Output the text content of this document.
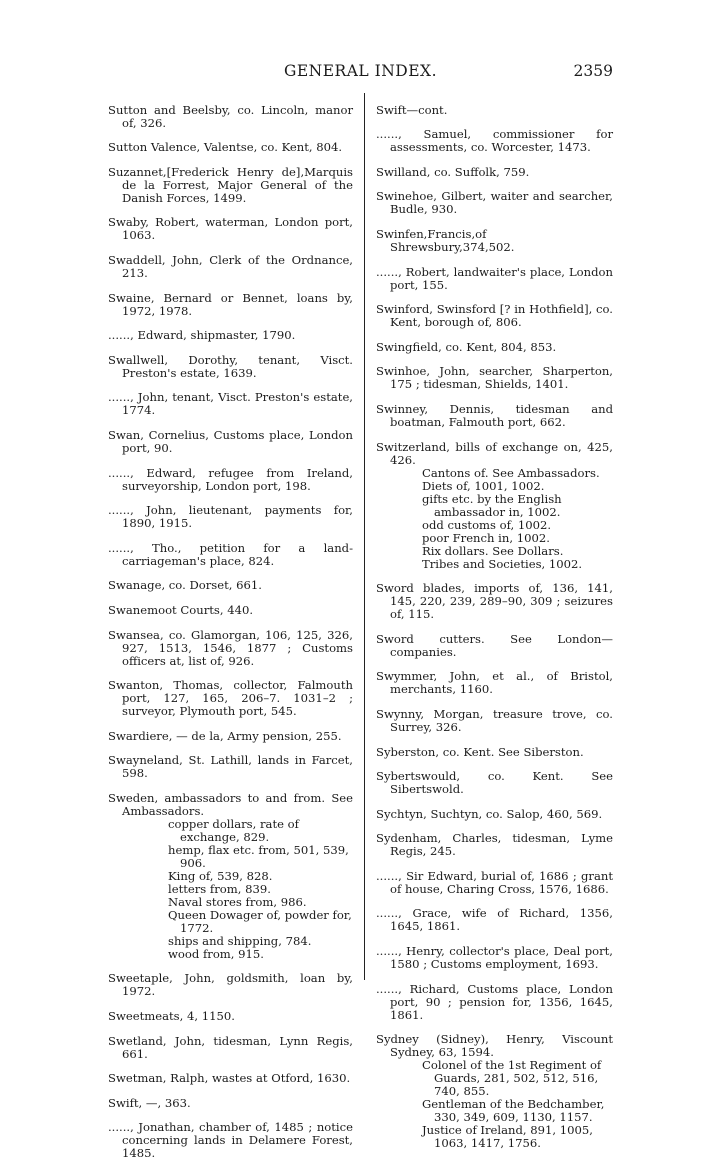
GENERAL INDEX.	2359

Sutton and Beelsby, co. Lincoln, manor of, 326.

Sutton Valence, Valentse, co. Kent, 804.

Suzannet,[Frederick Henry de],Marquis de la Forrest, Major General of the Danish Forces, 1499.

Swaby, Robert, waterman, London port, 1063.

Swaddell, John, Clerk of the Ordnance, 213.

Swaine, Bernard or Bennet, loans by, 1972, 1978.

......, Edward, shipmaster, 1790.

Swallwell, Dorothy, tenant, Visct. Preston's estate, 1639.

......, John, tenant, Visct. Preston's estate, 1774.

Swan, Cornelius, Customs place, London port, 90.

......, Edward, refugee from Ireland, surveyorship, London port, 198.

......, John, lieutenant, payments for, 1890, 1915.

......, Tho., petition for a land-carriageman's place, 824.

Swanage, co. Dorset, 661.

Swanemoot Courts, 440.

Swansea, co. Glamorgan, 106, 125, 326, 927, 1513, 1546, 1877 ; Customs officers at, list of, 926.

Swanton, Thomas, collector, Falmouth port, 127, 165, 206–7. 1031–2 ; surveyor, Plymouth port, 545.

Swardiere, — de la, Army pension, 255.

Swayneland, St. Lathill, lands in Farcet, 598.

Sweden, ambassadors to and from. See Ambassadors.

copper dollars, rate of exchange, 829.

hemp, flax etc. from, 501, 539, 906.

King of, 539, 828.

letters from, 839.

Naval stores from, 986.

Queen Dowager of, powder for, 1772.

ships and shipping, 784.

wood from, 915.

Sweetaple, John, goldsmith, loan by, 1972.

Sweetmeats, 4, 1150.

Swetland, John, tidesman, Lynn Regis, 661.

Swetman, Ralph, wastes at Otford, 1630.

Swift, —, 363.

......, Jonathan, chamber of, 1485 ; notice concerning lands in Delamere Forest, 1485.

Swift—cont.

......, Samuel, commissioner for assessments, co. Worcester, 1473.

Swilland, co. Suffolk, 759.

Swinehoe, Gilbert, waiter and searcher, Budle, 930.

Swinfen,Francis,of Shrewsbury,374,502.

......, Robert, landwaiter's place, London port, 155.

Swinford, Swinsford [? in Hothfield], co. Kent, borough of, 806.

Swingfield, co. Kent, 804, 853.

Swinhoe, John, searcher, Sharperton, 175 ; tidesman, Shields, 1401.

Swinney, Dennis, tidesman and boatman, Falmouth port, 662.

Switzerland, bills of exchange on, 425, 426.

Cantons of. See Ambassadors.

Diets of, 1001, 1002.

gifts etc. by the English ambassador in, 1002.

odd customs of, 1002.

poor French in, 1002.

Rix dollars. See Dollars.

Tribes and Societies, 1002.

Sword blades, imports of, 136, 141, 145, 220, 239, 289–90, 309 ; seizures of, 115.

Sword cutters. See London—companies.

Swymmer, John, et al., of Bristol, merchants, 1160.

Swynny, Morgan, treasure trove, co. Surrey, 326.

Syberston, co. Kent. See Siberston.

Sybertswould, co. Kent. See Sibertswold.

Sychtyn, Suchtyn, co. Salop, 460, 569.

Sydenham, Charles, tidesman, Lyme Regis, 245.

......, Sir Edward, burial of, 1686 ; grant of house, Charing Cross, 1576, 1686.

......, Grace, wife of Richard, 1356, 1645, 1861.

......, Henry, collector's place, Deal port, 1580 ; Customs employment, 1693.

......, Richard, Customs place, London port, 90 ; pension for, 1356, 1645, 1861.

Sydney (Sidney), Henry, Viscount Sydney, 63, 1594.

Colonel of the 1st Regiment of Guards, 281, 502, 512, 516, 740, 855.

Gentleman of the Bedchamber, 330, 349, 609, 1130, 1157.

Justice of Ireland, 891, 1005, 1063, 1417, 1756.
